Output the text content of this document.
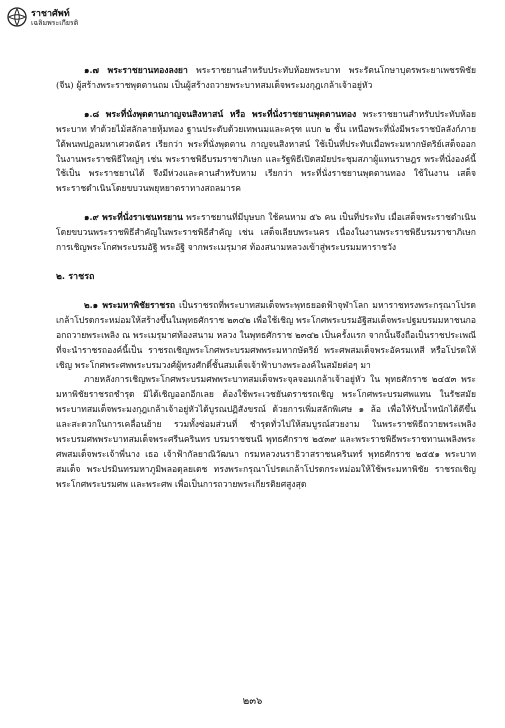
ราชาศัพท์
เฉลิมพระเกียรติ

๑.๗ พระราชยานทองลงยา พระราชยานสำหรับประทับห้อยพระบาท พระรัตนโกษาบุตรพระยาเพชรพิชัย (จีน) ผู้สร้างพระราชพุดตานถม เป็นผู้สร้างถวายพระบาทสมเด็จพระมงกุฎเกล้าเจ้าอยู่หัว

๑.๘ พระที่นั่งพุดตานกาญจนสิงหาสน์ หรือ พระที่นั่งราชยานพุดตานทอง พระราชยานสำหรับประทับห้อยพระบาท ทำด้วยไม้สลักลายหุ้มทอง ฐานประดับด้วยเทพนมและครุฑ แบก ๒ ชั้น เหนือพระที่นั่งมีพระราชบัลลังก์ภายใต้พนพปฏลมหาเศวตฉัตร เรียกว่า พระที่นั่งพุดตาน กาญจนสิงหาสน์ ใช้เป็นที่ประทับเมื่อพระมหากษัตริย์เสด็จออกในงานพระราชพิธีใหญ่ๆ เช่น พระราชพิธีบรมราชาภิเษก และรัฐพิธีเปิดสมัยประชุมสภาผู้แทนราษฎร พระที่นั่งองค์นี้ใช้เป็น พระราชยานได้ จึงมีห่วงและคานสำหรับหาม เรียกว่า พระที่นั่งราชยานพุดตานทอง ใช้ในงาน เสด็จพระราชดำเนินโดยขบวนพยุหยาตราทางสถลมารค

๑.๙ พระที่นั่งราเชนทรยาน พระราชยานที่มีบุษบก ใช้คนหาม ๕๖ คน เป็นที่ประทับ เมื่อเสด็จพระราชดำเนินโดยขบวนพระราชพิธีสำคัญในพระราชพิธีสำคัญ เช่น เสด็จเลียบพระนคร เนื่องในงานพระราชพิธีบรมราชาภิเษก การเชิญพระโกศพระบรมอัฐิ พระอัฐิ จากพระเมรุมาศ ท้องสนามหลวงเข้าสู่พระบรมมหาราชวัง

๒. ราชรถ

๒.๑ พระมหาพิชัยราชรถ เป็นราชรถที่พระบาทสมเด็จพระพุทธยอดฟ้าจุฬาโลก มหาราชทรงพระกรุณาโปรดเกล้าโปรดกระหม่อมให้สร้างขึ้นในพุทธศักราช ๒๓๔๒ เพื่อใช้เชิญ พระโกศพระบรมอัฐิสมเด็จพระปฐมบรมมหาชนกออกถวายพระเพลิง ณ พระเมรุมาศท้องสนาม หลวง ในพุทธศักราช ๒๓๔๒ เป็นครั้งแรก จากนั้นจึงถือเป็นราชประเพณีที่จะนำราชรถองค์นี้เป็น ราชรถเชิญพระโกศพระบรมศพพระมหากษัตริย์ พระศพสมเด็จพระอัครมเหสี หรือโปรดให้เชิญ พระโกศพระศพพระบรมวงศ์ผู้ทรงศักดิ์ชั้นสมเด็จเจ้าฟ้าบางพระองค์ในสมัยต่อๆ มา

ภายหลังการเชิญพระโกศพระบรมศพพระบาทสมเด็จพระจุลจอมเกล้าเจ้าอยู่หัว ใน พุทธศักราช ๒๔๕๓ พระมหาพิชัยราชรถชำรุด มิได้เชิญออกอีกเลย ต้องใช้พระเวชยันตราชรถเชิญ พระโกศพระบรมศพแทน ในรัชสมัยพระบาทสมเด็จพระมงกุฎเกล้าเจ้าอยู่หัวได้บูรณปฏิสังขรณ์ ด้วยการเพิ่มสลักพิเศษ ๑ ล้อ เพื่อให้รับน้ำหนักได้ดีขึ้นและสะดวกในการเคลื่อนย้าย รวมทั้งซ่อมส่วนที่ ชำรุดทั่วไปให้สมบูรณ์สวยงาม ในพระราชพิธีถวายพระเพลิงพระบรมศพพระบาทสมเด็จพระศรีนครินทร บรมราชชนนี พุทธศักราช ๒๕๓๙ และพระราชพิธีพระราชทานเพลิงพระศพสมเด็จพระเจ้าพี่นาง เธอ เจ้าฟ้ากัลยาณิวัฒนา กรมหลวงนราธิวาสราชนครินทร์ พุทธศักราช ๒๕๕๑ พระบาทสมเด็จ พระปรมินทรมหาภูมิพลอดุลยเดช ทรงพระกรุณาโปรดเกล้าโปรดกระหม่อมให้ใช้พระมหาพิชัย ราชรถเชิญพระโกศพระบรมศพ และพระศพ เพื่อเป็นการถวายพระเกียรติยศสูงสุด

๒๓๖
